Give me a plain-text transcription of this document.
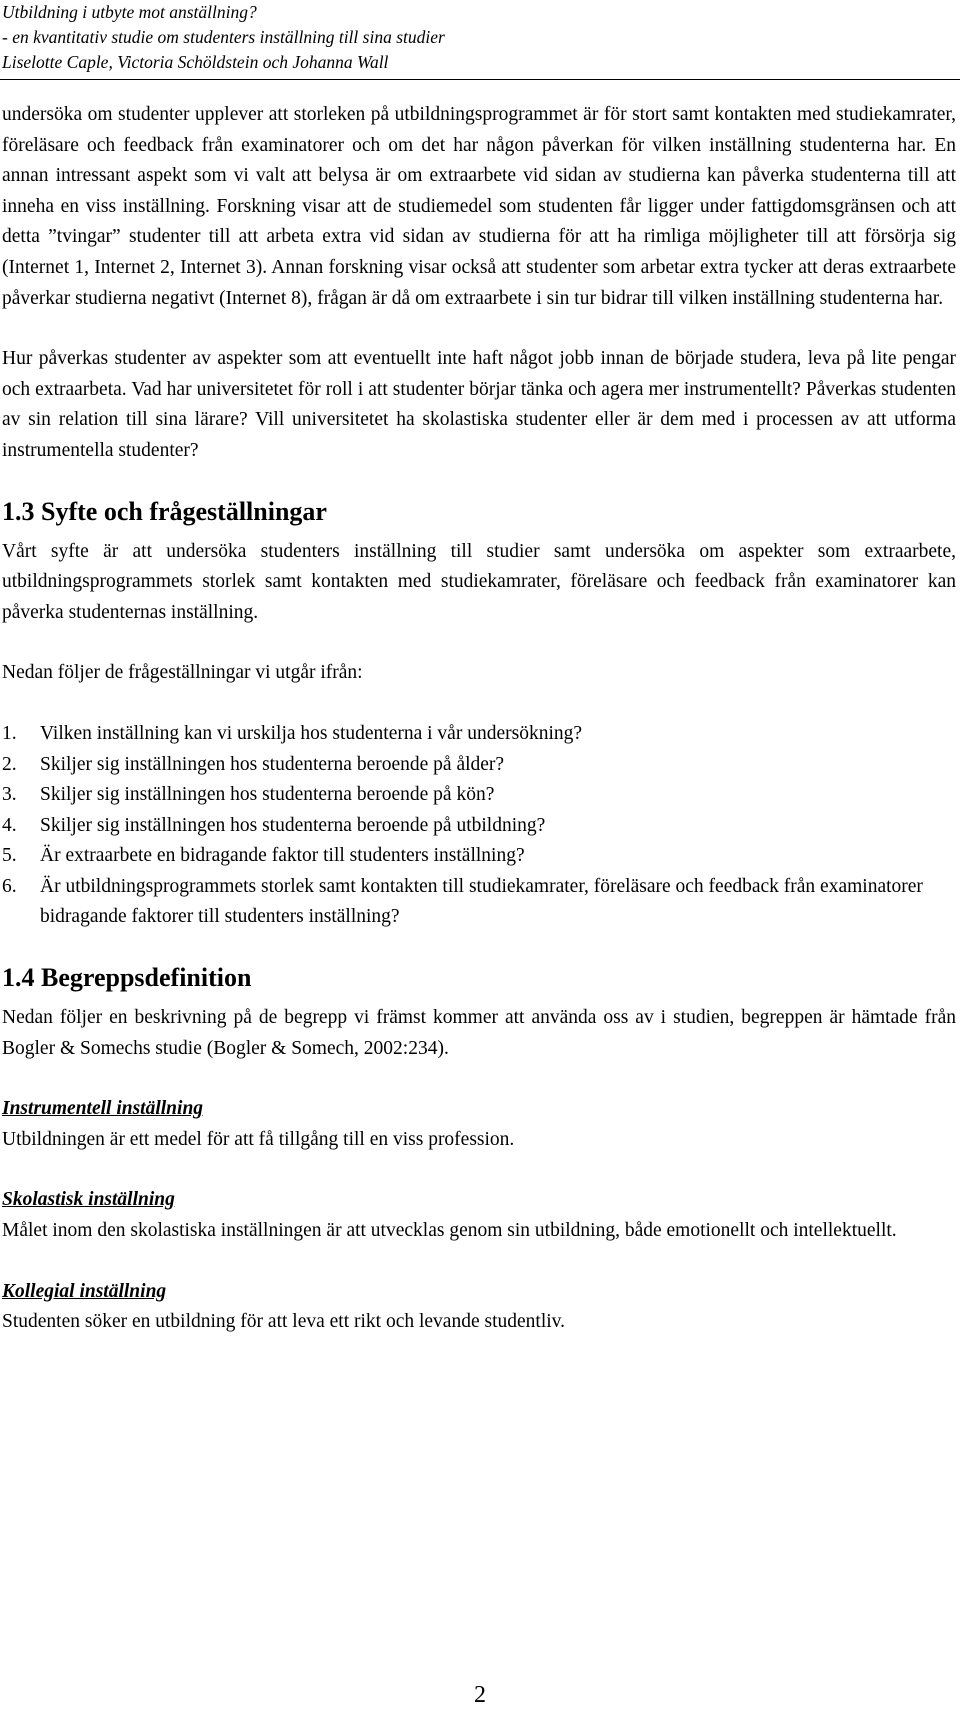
Utbildning i utbyte mot anställning?
- en kvantitativ studie om studenters inställning till sina studier
Liselotte Caple, Victoria Schöldstein och Johanna Wall

undersöka om studenter upplever att storleken på utbildningsprogrammet är för stort samt kontakten med studiekamrater, föreläsare och feedback från examinatorer och om det har någon påverkan för vilken inställning studenterna har. En annan intressant aspekt som vi valt att belysa är om extraarbete vid sidan av studierna kan påverka studenterna till att inneha en viss inställning. Forskning visar att de studiemedel som studenten får ligger under fattigdomsgränsen och att detta ”tvingar” studenter till att arbeta extra vid sidan av studierna för att ha rimliga möjligheter till att försörja sig (Internet 1, Internet 2, Internet 3). Annan forskning visar också att studenter som arbetar extra tycker att deras extraarbete påverkar studierna negativt (Internet 8), frågan är då om extraarbete i sin tur bidrar till vilken inställning studenterna har.

Hur påverkas studenter av aspekter som att eventuellt inte haft något jobb innan de började studera, leva på lite pengar och extraarbeta. Vad har universitetet för roll i att studenter börjar tänka och agera mer instrumentellt? Påverkas studenten av sin relation till sina lärare? Vill universitetet ha skolastiska studenter eller är dem med i processen av att utforma instrumentella studenter?

1.3 Syfte och frågeställningar

Vårt syfte är att undersöka studenters inställning till studier samt undersöka om aspekter som extraarbete, utbildningsprogrammets storlek samt kontakten med studiekamrater, föreläsare och feedback från examinatorer kan påverka studenternas inställning.

Nedan följer de frågeställningar vi utgår ifrån:

1.	Vilken inställning kan vi urskilja hos studenterna i vår undersökning?
2.	Skiljer sig inställningen hos studenterna beroende på ålder?
3.	Skiljer sig inställningen hos studenterna beroende på kön?
4.	Skiljer sig inställningen hos studenterna beroende på utbildning?
5.	Är extraarbete en bidragande faktor till studenters inställning?
6.	Är utbildningsprogrammets storlek samt kontakten till studiekamrater, föreläsare och feedback från examinatorer bidragande faktorer till studenters inställning?
1.4 Begreppsdefinition

Nedan följer en beskrivning på de begrepp vi främst kommer att använda oss av i studien, begreppen är hämtade från Bogler & Somechs studie (Bogler & Somech, 2002:234).

Instrumentell inställning

Utbildningen är ett medel för att få tillgång till en viss profession.

Skolastisk inställning

Målet inom den skolastiska inställningen är att utvecklas genom sin utbildning, både emotionellt och intellektuellt.

Kollegial inställning

Studenten söker en utbildning för att leva ett rikt och levande studentliv.

2
